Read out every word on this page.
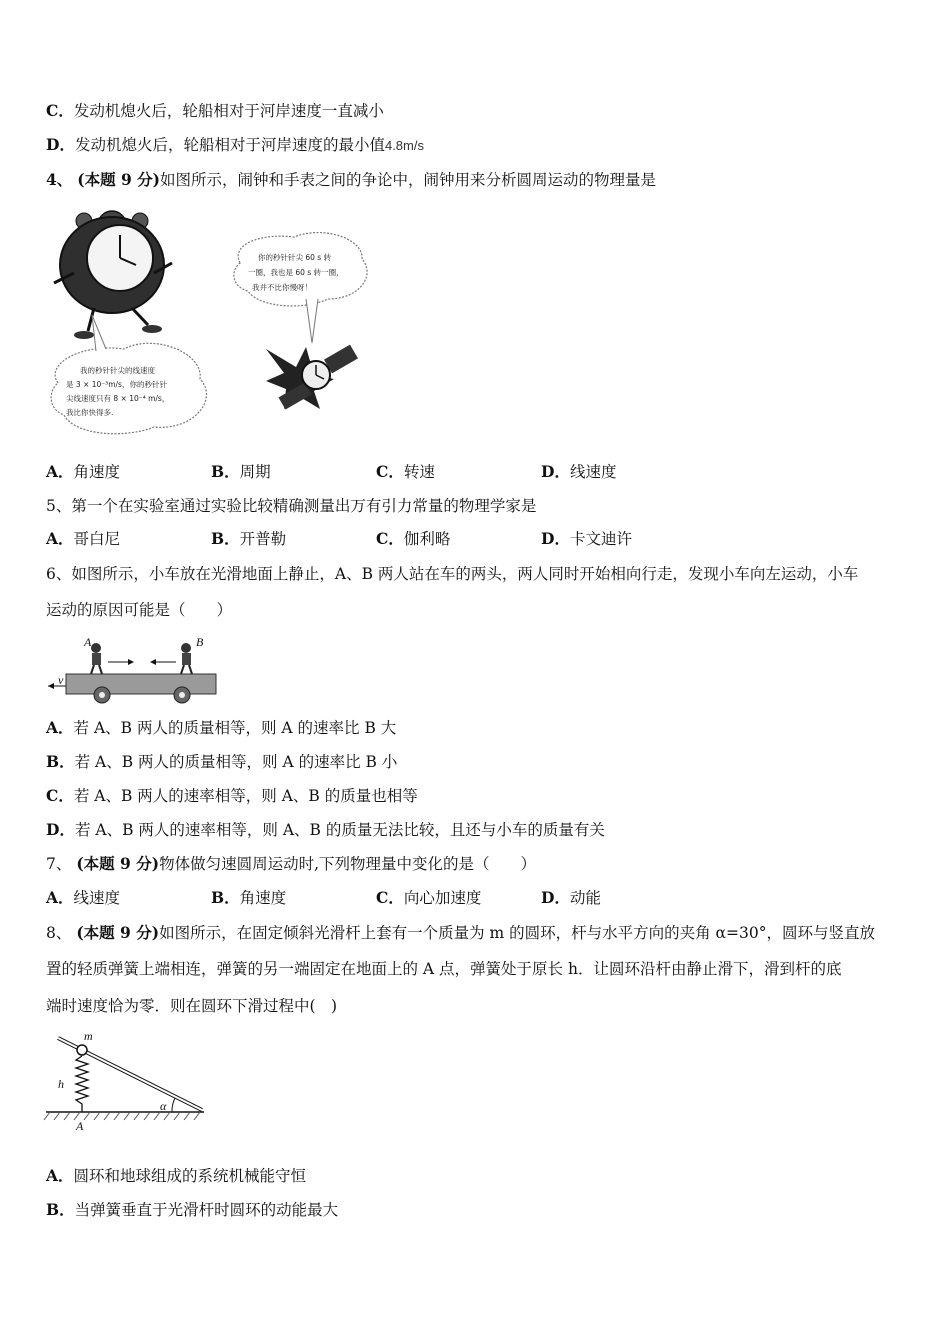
C．发动机熄火后，轮船相对于河岸速度一直减小
D．发动机熄火后，轮船相对于河岸速度的最小值4.8m/s
4、 (本题 9 分)如图所示，闹钟和手表之间的争论中，闹钟用来分析圆周运动的物理量是
我的秒针针尖的线速度
是 3 × 10⁻³m/s，你的秒针针
尖线速度只有 8 × 10⁻⁴ m/s，
我比你快得多.
你的秒针针尖 60 s 转
一圈，我也是 60 s 转一圈，
我并不比你慢呀！
A．角速度	B．周期	C．转速	D．线速度
5、第一个在实验室通过实验比较精确测量出万有引力常量的物理学家是
A．哥白尼	B．开普勒	C．伽利略	D．卡文迪许
6、如图所示，小车放在光滑地面上静止，A、B 两人站在车的两头，两人同时开始相向行走，发现小车向左运动，小车
运动的原因可能是（　　）
v
A	B
A．若 A、B 两人的质量相等，则 A 的速率比 B 大
B．若 A、B 两人的质量相等，则 A 的速率比 B 小
C．若 A、B 两人的速率相等，则 A、B 的质量也相等
D．若 A、B 两人的速率相等，则 A、B 的质量无法比较，且还与小车的质量有关
7、 (本题 9 分)物体做匀速圆周运动时,下列物理量中变化的是（　　）
A．线速度	B．角速度	C．向心加速度	D．动能
8、 (本题 9 分)如图所示，在固定倾斜光滑杆上套有一个质量为 m 的圆环，杆与水平方向的夹角 α=30°，圆环与竖直放
置的轻质弹簧上端相连，弹簧的另一端固定在地面上的 A 点，弹簧处于原长 h．让圆环沿杆由静止滑下，滑到杆的底
端时速度恰为零．则在圆环下滑过程中(　)
α
m
h
A
A．圆环和地球组成的系统机械能守恒
B．当弹簧垂直于光滑杆时圆环的动能最大
